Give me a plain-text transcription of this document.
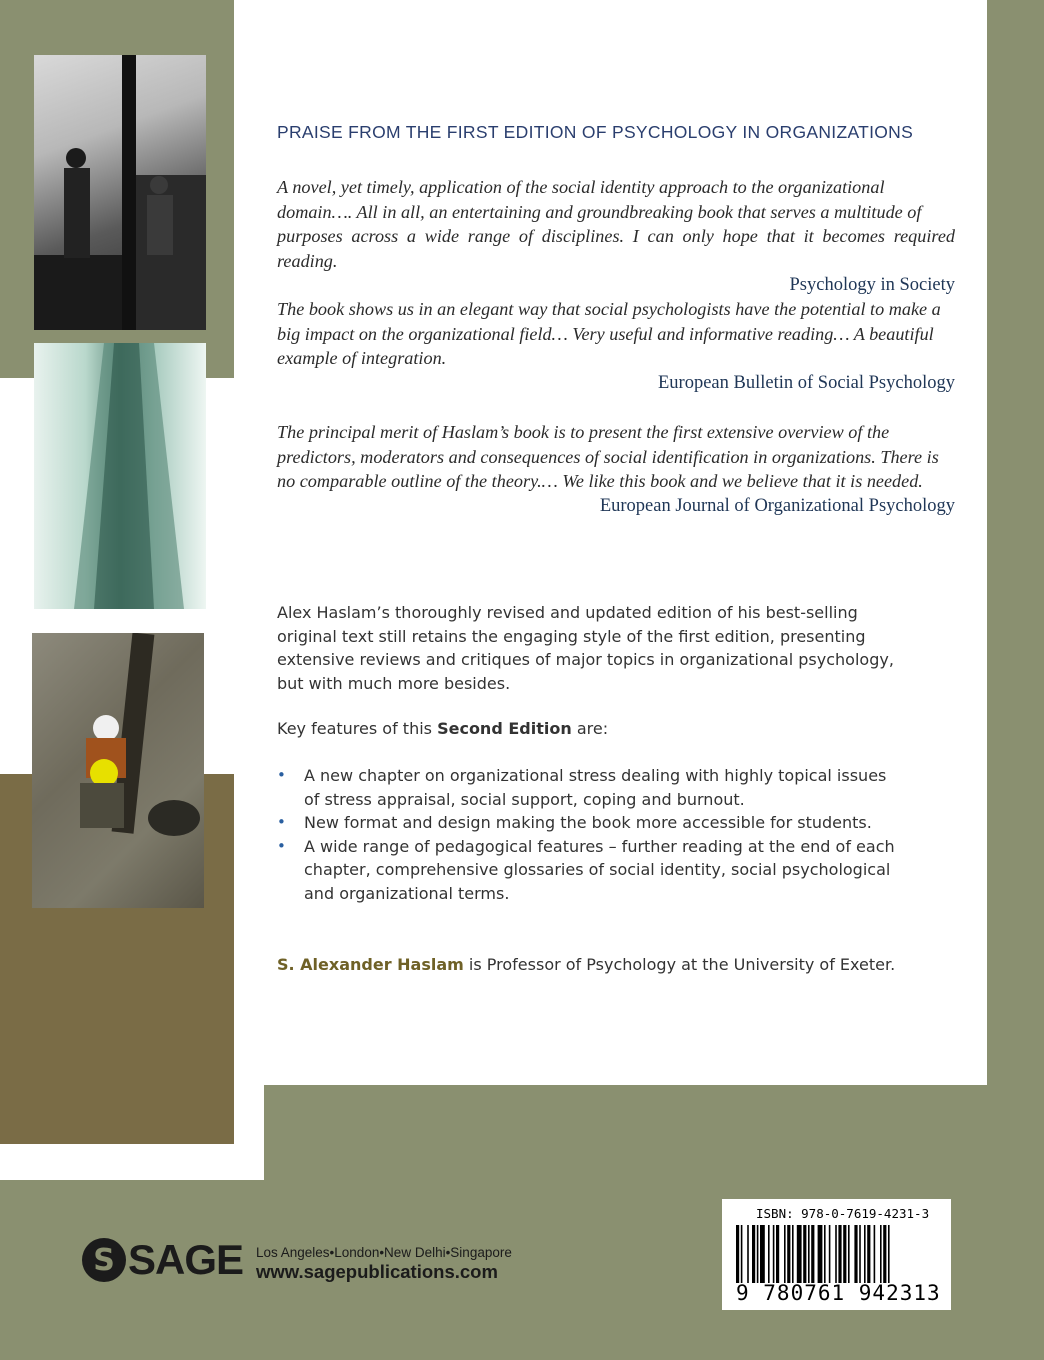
PRAISE FROM THE FIRST EDITION OF PSYCHOLOGY IN ORGANIZATIONS

A novel, yet timely, application of the social identity approach to the organizational

domain…. All in all, an entertaining and groundbreaking book that serves a multitude of

purposes across a wide range of disciplines. I can only hope that it becomes required reading.

Psychology in Society

The book shows us in an elegant way that social psychologists have the potential to make a

big impact on the organizational field… Very useful and informative reading… A beautiful

example of integration.

European Bulletin of Social Psychology

The principal merit of Haslam’s book is to present the first extensive overview of the

predictors, moderators and consequences of social identification in organizations. There is

no comparable outline of the theory.… We like this book and we believe that it is needed.

European Journal of Organizational Psychology
Alex Haslam’s thoroughly revised and updated edition of his best-selling
original text still retains the engaging style of the first edition, presenting
extensive reviews and critiques of major topics in organizational psychology,
but with much more besides.
Key features of this Second Edition are:
• A new chapter on organizational stress dealing with highly topical issues
of stress appraisal, social support, coping and burnout.
• New format and design making the book more accessible for students.
• A wide range of pedagogical features – further reading at the end of each
chapter, comprehensive glossaries of social identity, social psychological
and organizational terms.
S. Alexander Haslam is Professor of Psychology at the University of Exeter.
S SAGE Los Angeles•London•New Delhi•Singapore
www.sagepublications.com
ISBN: 978-0-7619-4231-3
9 780761 942313
